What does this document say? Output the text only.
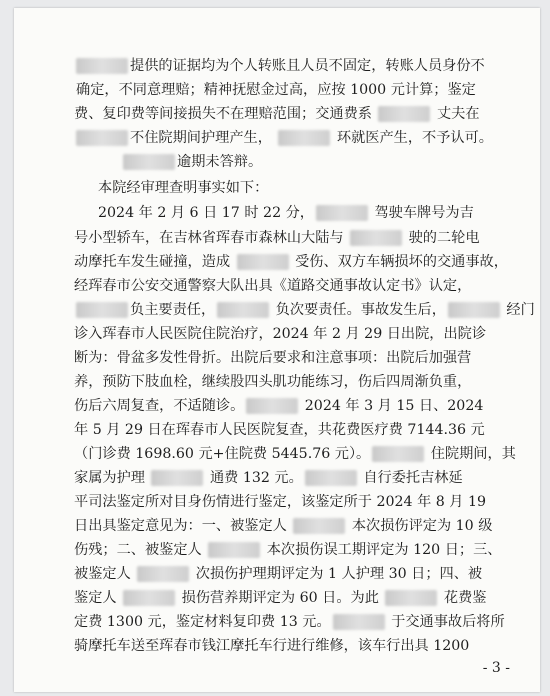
提供的证据均为个人转账且人员不固定，转账人员身份不
确定，不同意理赔；精神抚慰金过高，应按 1000 元计算；鉴定
费、复印费等间接损失不在理赔范围；交通费系	丈夫在
不住院期间护理产生，	环就医产生，不予认可。
逾期未答辩。
本院经审理查明事实如下：
2024 年 2 月 6 日 17 时 22 分，	驾驶车牌号为吉
号小型轿车，在吉林省珲春市森林山大陆与	驶的二轮电
动摩托车发生碰撞，造成	受伤、双方车辆损坏的交通事故，
经珲春市公安交通警察大队出具《道路交通事故认定书》认定，
负主要责任，	负次要责任。事故发生后，	经门
诊入珲春市人民医院住院治疗，2024 年 2 月 29 日出院，出院诊
断为：骨盆多发性骨折。出院后要求和注意事项：出院后加强营
养，预防下肢血栓，继续股四头肌功能练习，伤后四周渐负重，
伤后六周复查，不适随诊。	2024 年 3 月 15 日、2024
年 5 月 29 日在珲春市人民医院复查，共花费医疗费 7144.36 元
（门诊费 1698.60 元+住院费 5445.76 元）。	住院期间，其
家属为护理	通费 132 元。	自行委托吉林延
平司法鉴定所对目身伤情进行鉴定，该鉴定所于 2024 年 8 月 19
日出具鉴定意见为：一、被鉴定人	本次损伤评定为 10 级
伤残；二、被鉴定人	本次损伤误工期评定为 120 日；三、
被鉴定人	次损伤护理期评定为 1 人护理 30 日；四、被
鉴定人	损伤营养期评定为 60 日。为此	花费鉴
定费 1300 元，鉴定材料复印费 13 元。	于交通事故后将所
骑摩托车送至珲春市钱江摩托车行进行维修，该车行出具 1200
- 3 -
